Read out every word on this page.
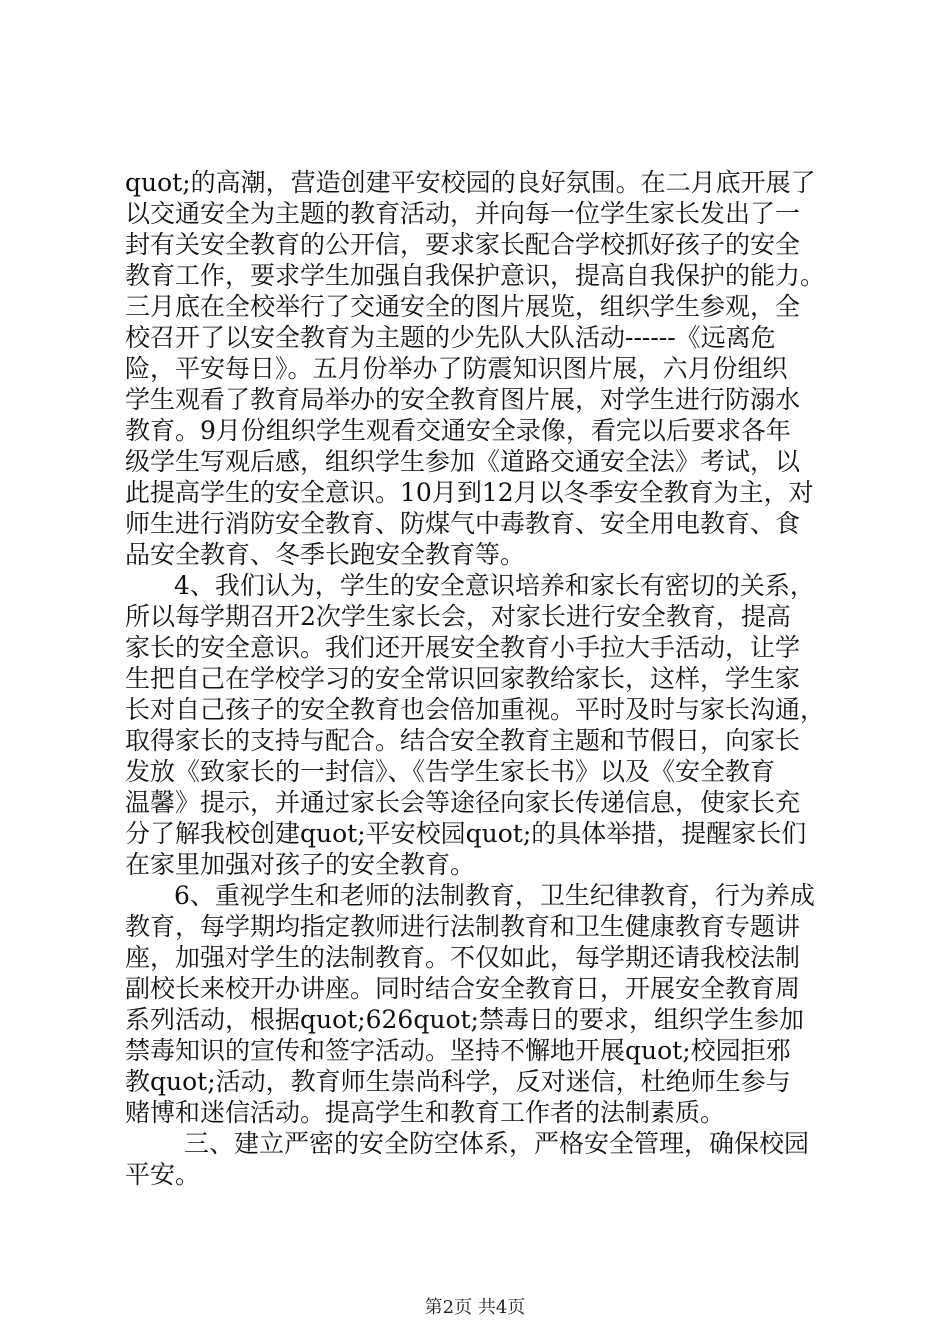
quot;的高潮，营造创建平安校园的良好氛围。在二月底开展了
以交通安全为主题的教育活动，并向每一位学生家长发出了一
封有关安全教育的公开信，要求家长配合学校抓好孩子的安全
教育工作，要求学生加强自我保护意识，提高自我保护的能力。
三月底在全校举行了交通安全的图片展览，组织学生参观，全
校召开了以安全教育为主题的少先队大队活动------《远离危
险，平安每日》。五月份举办了防震知识图片展，六月份组织
学生观看了教育局举办的安全教育图片展，对学生进行防溺水
教育。9月份组织学生观看交通安全录像，看完以后要求各年
级学生写观后感，组织学生参加《道路交通安全法》考试，以
此提高学生的安全意识。10月到12月以冬季安全教育为主，对
师生进行消防安全教育、防煤气中毒教育、安全用电教育、食
品安全教育、冬季长跑安全教育等。
4、我们认为，学生的安全意识培养和家长有密切的关系，
所以每学期召开2次学生家长会，对家长进行安全教育，提高
家长的安全意识。我们还开展安全教育小手拉大手活动，让学
生把自己在学校学习的安全常识回家教给家长，这样，学生家
长对自己孩子的安全教育也会倍加重视。平时及时与家长沟通，
取得家长的支持与配合。结合安全教育主题和节假日，向家长
发放《致家长的一封信》、《告学生家长书》以及《安全教育
温馨》提示，并通过家长会等途径向家长传递信息，使家长充
分了解我校创建quot;平安校园quot;的具体举措，提醒家长们
在家里加强对孩子的安全教育。
6、重视学生和老师的法制教育，卫生纪律教育，行为养成
教育，每学期均指定教师进行法制教育和卫生健康教育专题讲
座，加强对学生的法制教育。不仅如此，每学期还请我校法制
副校长来校开办讲座。同时结合安全教育日，开展安全教育周
系列活动，根据quot;626quot;禁毒日的要求，组织学生参加
禁毒知识的宣传和签字活动。坚持不懈地开展quot;校园拒邪
教quot;活动，教育师生崇尚科学，反对迷信，杜绝师生参与
赌博和迷信活动。提高学生和教育工作者的法制素质。
三、建立严密的安全防空体系，严格安全管理，确保校园
平安。
第2页 共4页
